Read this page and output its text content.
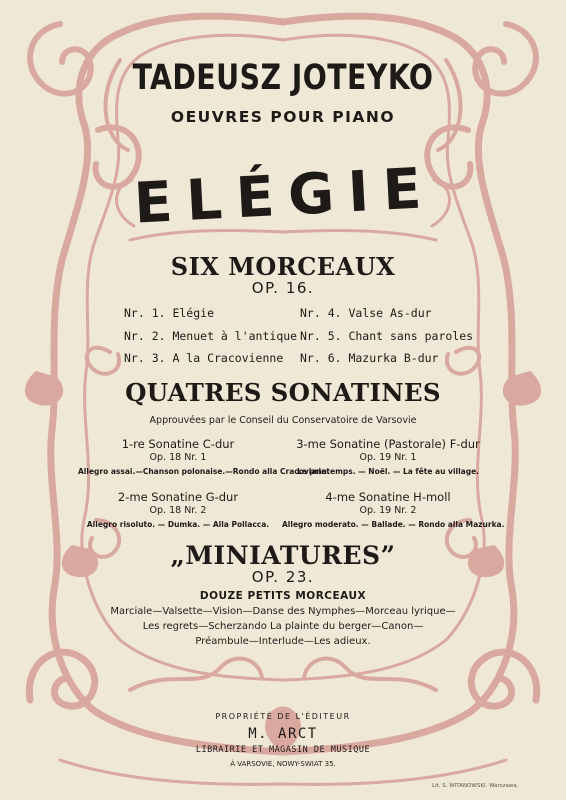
TADEUSZ JOTEYKO
OEUVRES POUR PIANO
ELÉGIE
SIX MORCEAUX
OP. 16.
Nr. 1. Elégie
Nr. 2. Menuet à l'antique
Nr. 3. A la Cracovienne
Nr. 4. Valse As-dur
Nr. 5. Chant sans paroles
Nr. 6. Mazurka B-dur
QUATRES SONATINES
Approuvées par le Conseil du Conservatoire de Varsovie
1-re Sonatine C-dur
Op. 18 Nr. 1
Allegro assai.—Chanson polonaise.—Rondo alla Cracoviana.
3-me Sonatine (Pastorale) F-dur
Op. 19 Nr. 1
Le printemps. — Noël. — La fête au village.
2-me Sonatine G-dur
Op. 18 Nr. 2
Allegro risoluto. — Dumka. — Alla Pollacca.
4-me Sonatine H-moll
Op. 19 Nr. 2
Allegro moderato. — Ballade. — Rondo alla Mazurka.
„MINIATURES”
OP. 23.
DOUZE PETITS MORCEAUX
Marciale—Valsette—Vision—Danse des Nymphes—Morceau lyrique—
Les regrets—Scherzando La plainte du berger—Canon—
Préambule—Interlude—Les adieux.
PROPRIÉTÉ DE L'ÉDITEUR
M. ARCT
LIBRAIRIE ET MAGASIN DE MUSIQUE
À VARSOVIE, NOWY-SWIAT 35.
Lit. S. WITANOWSKI. Warszawa.
